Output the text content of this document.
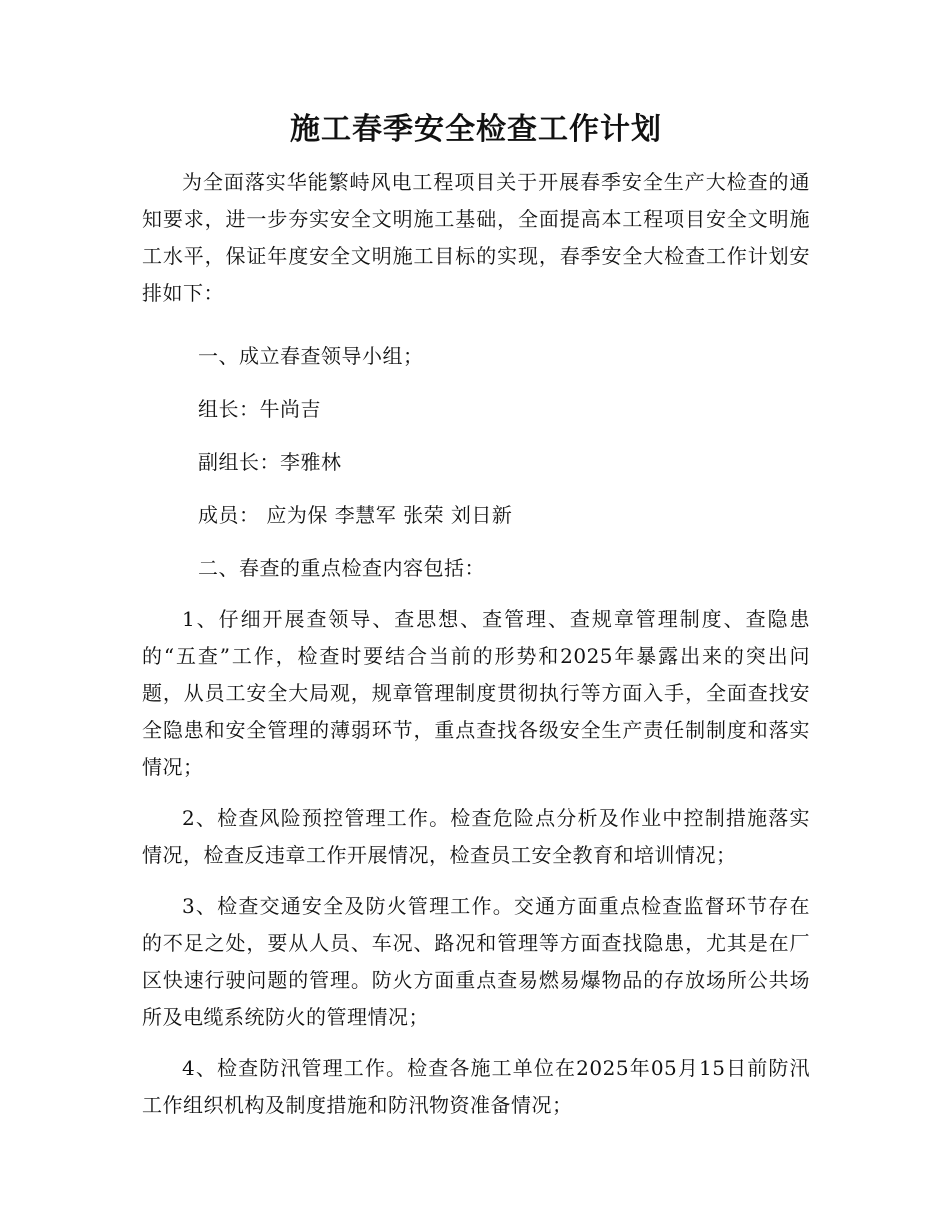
施工春季安全检查工作计划

为全面落实华能繁峙风电工程项目关于开展春季安全生产大检查的通知要求，进一步夯实安全文明施工基础，全面提高本工程项目安全文明施工水平，保证年度安全文明施工目标的实现，春季安全大检查工作计划安排如下：

一、成立春查领导小组；

组长：牛尚吉

副组长：李雅林

成员： 应为保 李慧军 张荣 刘日新

二、春查的重点检查内容包括：

1、仔细开展查领导、查思想、查管理、查规章管理制度、查隐患的“五查”工作，检查时要结合当前的形势和2025年暴露出来的突出问题，从员工安全大局观，规章管理制度贯彻执行等方面入手，全面查找安全隐患和安全管理的薄弱环节，重点查找各级安全生产责任制制度和落实情况；

2、检查风险预控管理工作。检查危险点分析及作业中控制措施落实情况，检查反违章工作开展情况，检查员工安全教育和培训情况；

3、检查交通安全及防火管理工作。交通方面重点检查监督环节存在的不足之处，要从人员、车况、路况和管理等方面查找隐患，尤其是在厂区快速行驶问题的管理。防火方面重点查易燃易爆物品的存放场所公共场所及电缆系统防火的管理情况；

4、检查防汛管理工作。检查各施工单位在2025年05月15日前防汛工作组织机构及制度措施和防汛物资准备情况；
